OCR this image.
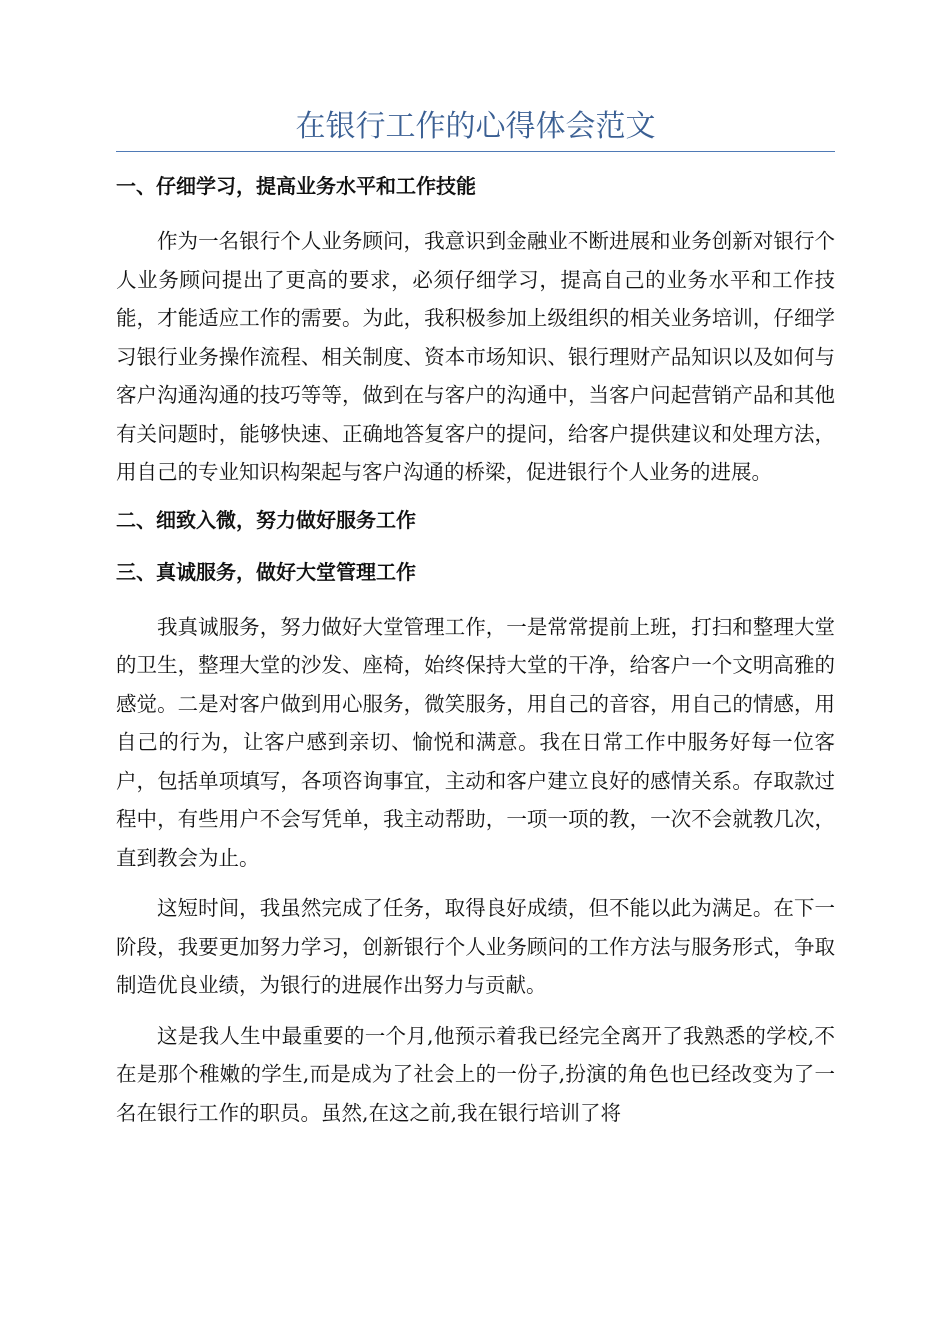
在银行工作的心得体会范文
一、仔细学习，提高业务水平和工作技能

作为一名银行个人业务顾问，我意识到金融业不断进展和业务创新对银行个人业务顾问提出了更高的要求，必须仔细学习，提高自己的业务水平和工作技能，才能适应工作的需要。为此，我积极参加上级组织的相关业务培训，仔细学习银行业务操作流程、相关制度、资本市场知识、银行理财产品知识以及如何与客户沟通沟通的技巧等等，做到在与客户的沟通中，当客户问起营销产品和其他有关问题时，能够快速、正确地答复客户的提问，给客户提供建议和处理方法，用自己的专业知识构架起与客户沟通的桥梁，促进银行个人业务的进展。

二、细致入微，努力做好服务工作
三、真诚服务，做好大堂管理工作

我真诚服务，努力做好大堂管理工作，一是常常提前上班，打扫和整理大堂的卫生，整理大堂的沙发、座椅，始终保持大堂的干净，给客户一个文明高雅的感觉。二是对客户做到用心服务，微笑服务，用自己的音容，用自己的情感，用自己的行为，让客户感到亲切、愉悦和满意。我在日常工作中服务好每一位客户，包括单项填写，各项咨询事宜，主动和客户建立良好的感情关系。存取款过程中，有些用户不会写凭单，我主动帮助，一项一项的教，一次不会就教几次，直到教会为止。

这短时间，我虽然完成了任务，取得良好成绩，但不能以此为满足。在下一阶段，我要更加努力学习，创新银行个人业务顾问的工作方法与服务形式，争取制造优良业绩，为银行的进展作出努力与贡献。

这是我人生中最重要的一个月,他预示着我已经完全离开了我熟悉的学校,不在是那个稚嫩的学生,而是成为了社会上的一份子,扮演的角色也已经改变为了一名在银行工作的职员。虽然,在这之前,我在银行培训了将
